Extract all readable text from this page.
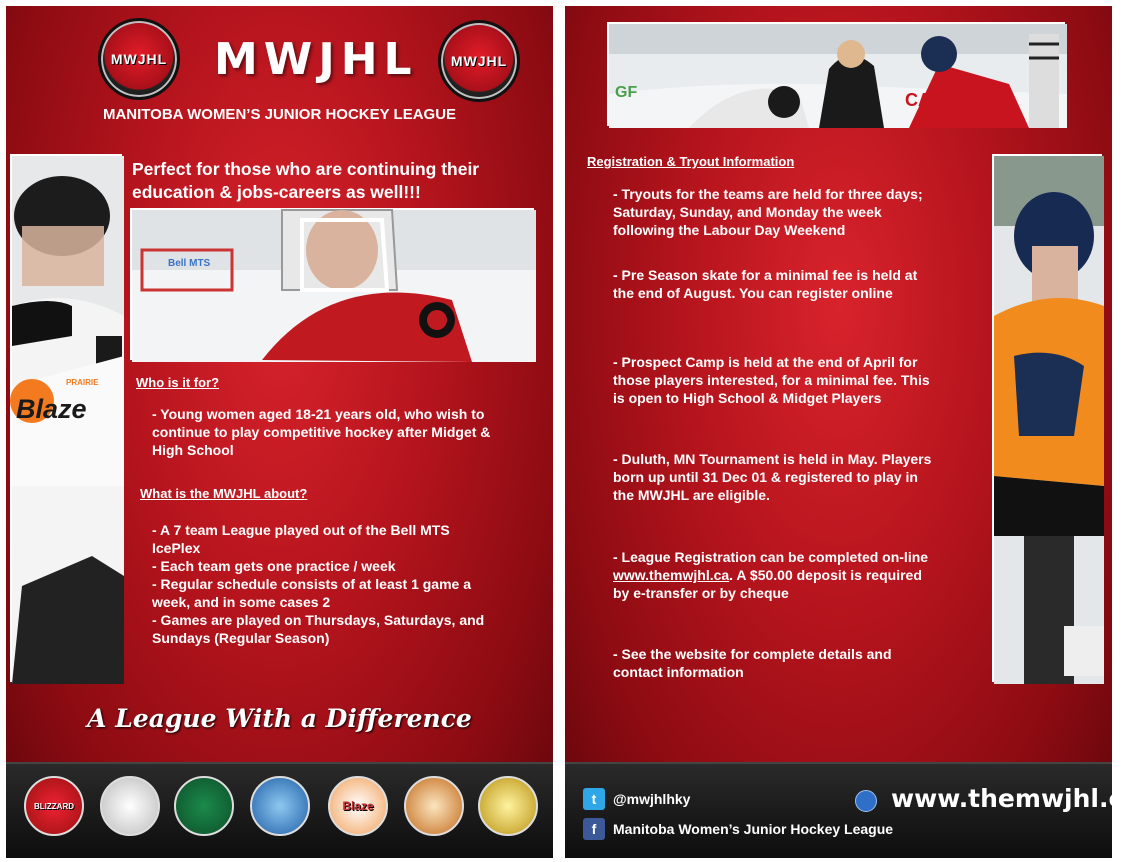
MWJHL MWJHL MWJHL
MANITOBA WOMEN’S JUNIOR HOCKEY LEAGUE
PRAIRIE
Blaze
Perfect for those who are continuing their education & jobs-careers as well!!!
Bell MTS
Who is it for?

- Young women aged 18-21 years old, who wish to continue to play competitive hockey after Midget & High School

What is the MWJHL about?

- A 7 team League played out of the Bell MTS IcePlex

- Each team gets one practice / week

- Regular schedule consists of at least 1 game a week, and in some cases 2

- Games are played on Thursdays, Saturdays, and Sundays (Regular Season)

A League With a Difference
BLIZZARD	Blaze
GF	CAN
Registration & Tryout Information
- Tryouts for the teams are held for three days; Saturday, Sunday, and Monday the week following the Labour Day Weekend
- Pre Season skate for a minimal fee is held at the end of August. You can register online
- Prospect Camp is held at the end of April for those players interested, for a minimal fee. This is open to High School & Midget Players
- Duluth, MN Tournament is held in May. Players born up until 31 Dec 01 & registered to play in the MWJHL are eligible.
- League Registration can be completed on-line www.themwjhl.ca. A $50.00 deposit is required by e-transfer or by cheque
- See the website for complete details and contact information
t	@mwjhlhky
f	Manitoba Women’s Junior Hockey League
www.themwjhl.ca
